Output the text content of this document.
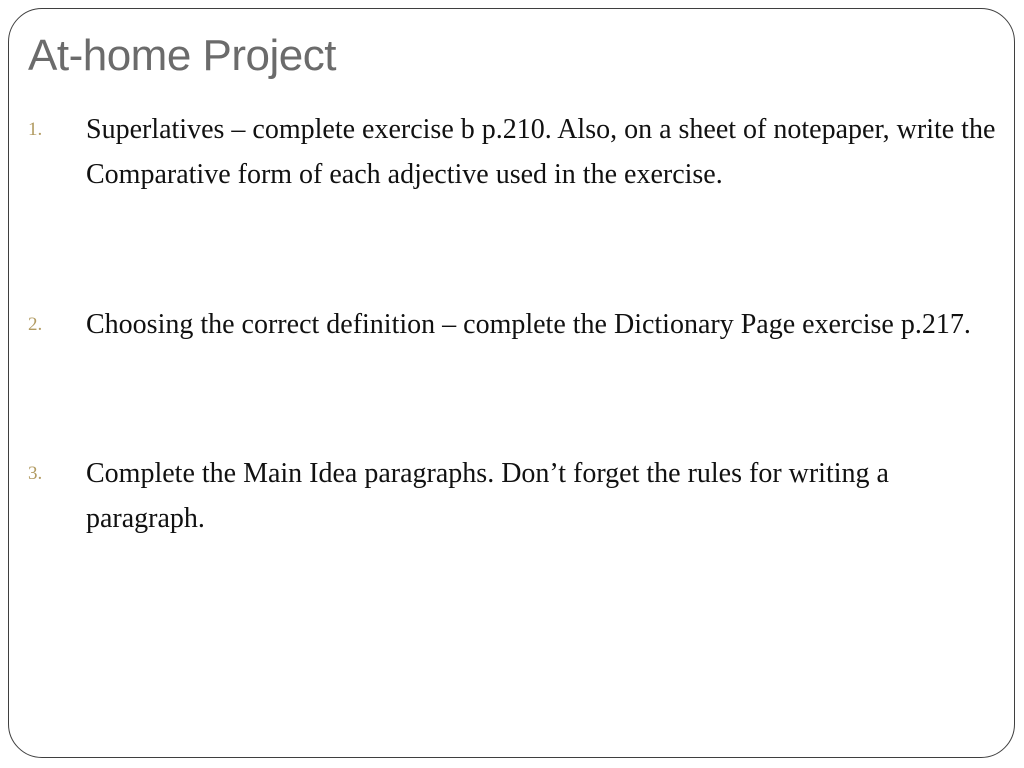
At-home Project
1. Superlatives – complete exercise b p.210. Also, on a sheet of notepaper, write the Comparative form of each adjective used in the exercise.
2. Choosing the correct definition – complete the Dictionary Page exercise p.217.
3. Complete the Main Idea paragraphs. Don’t forget the rules for writing a paragraph.
